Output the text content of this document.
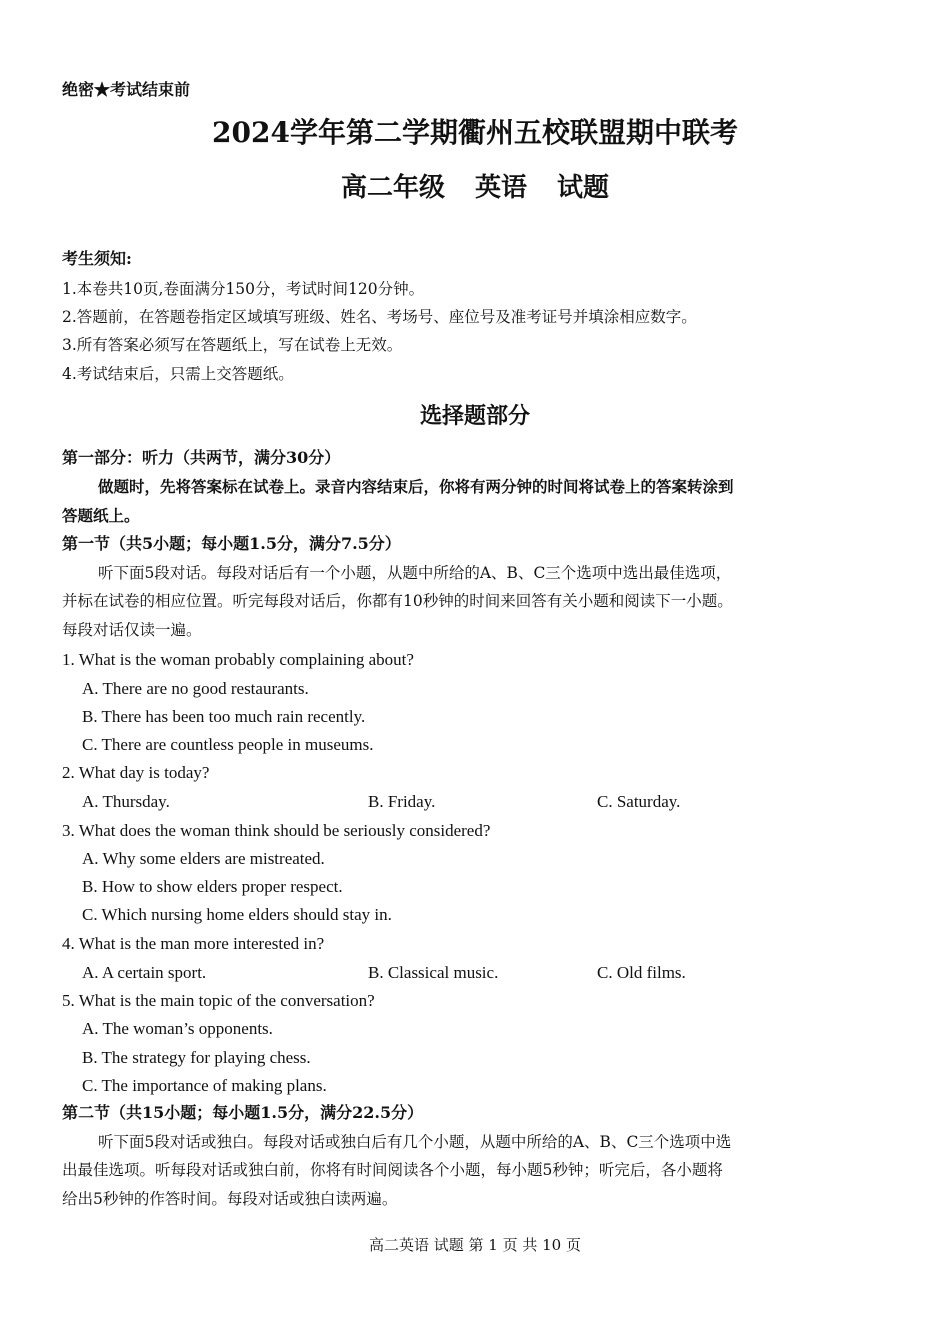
绝密★考试结束前
2024学年第二学期衢州五校联盟期中联考
高二年级 英语 试题
考生须知:
1.本卷共10页,卷面满分150分，考试时间120分钟。
2.答题前，在答题卷指定区域填写班级、姓名、考场号、座位号及准考证号并填涂相应数字。
3.所有答案必须写在答题纸上，写在试卷上无效。
4.考试结束后，只需上交答题纸。
选择题部分
第一部分：听力（共两节，满分30分）
做题时，先将答案标在试卷上。录音内容结束后，你将有两分钟的时间将试卷上的答案转涂到
答题纸上。
第一节（共5小题；每小题1.5分，满分7.5分）
听下面5段对话。每段对话后有一个小题，从题中所给的A、B、C三个选项中选出最佳选项，
并标在试卷的相应位置。听完每段对话后，你都有10秒钟的时间来回答有关小题和阅读下一小题。
每段对话仅读一遍。
1. What is the woman probably complaining about?
A. There are no good restaurants.
B. There has been too much rain recently.
C. There are countless people in museums.
2. What day is today?
A. Thursday.	B. Friday.	C. Saturday.
3. What does the woman think should be seriously considered?
A. Why some elders are mistreated.
B. How to show elders proper respect.
C. Which nursing home elders should stay in.
4. What is the man more interested in?
A. A certain sport.	B. Classical music.	C. Old films.
5. What is the main topic of the conversation?
A. The woman’s opponents.
B. The strategy for playing chess.
C. The importance of making plans.
第二节（共15小题；每小题1.5分，满分22.5分）
听下面5段对话或独白。每段对话或独白后有几个小题，从题中所给的A、B、C三个选项中选
出最佳选项。听每段对话或独白前，你将有时间阅读各个小题，每小题5秒钟；听完后，各小题将
给出5秒钟的作答时间。每段对话或独白读两遍。
高二英语 试题 第 1 页 共 10 页
